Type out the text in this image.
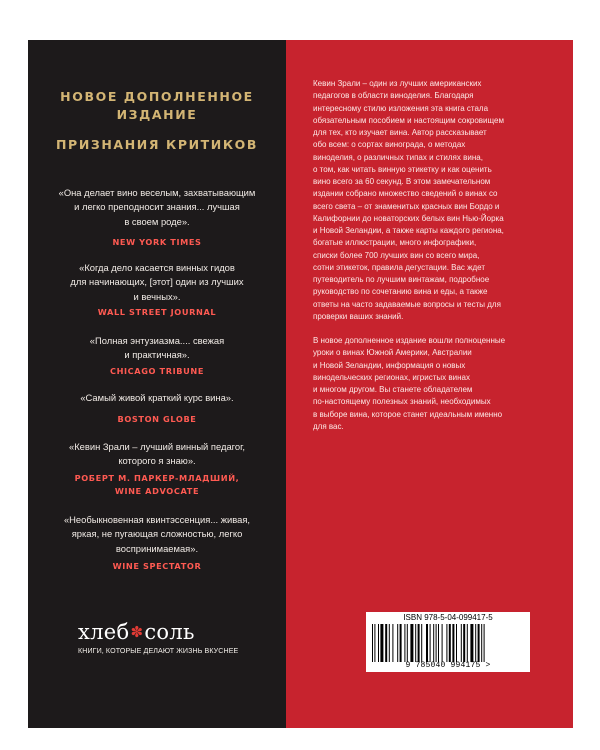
НОВОЕ ДОПОЛНЕННОЕ
ИЗДАНИЕ
ПРИЗНАНИЯ КРИТИКОВ
«Она делает вино веселым, захватывающим
и легко преподносит знания... лучшая
в своем роде».
NEW YORK TIMES
«Когда дело касается винных гидов
для начинающих, [этот] один из лучших
и вечных».
WALL STREET JOURNAL
«Полная энтузиазма.... свежая
и практичная».
CHICAGO TRIBUNE
«Самый живой краткий курс вина».
BOSTON GLOBE
«Кевин Зрали – лучший винный педагог,
которого я знаю».
РОБЕРТ М. ПАРКЕР-МЛАДШИЙ,
WINE ADVOCATE
«Необыкновенная квинтэссенция... живая,
яркая, не пугающая сложностью, легко
воспринимаемая».
WINE SPECTATOR
хлеб ✽ соль
КНИГИ, КОТОРЫЕ ДЕЛАЮТ ЖИЗНЬ ВКУСНЕЕ

Кевин Зрали – один из лучших американских
педагогов в области виноделия. Благодаря
интересному стилю изложения эта книга стала
обязательным пособием и настоящим сокровищем
для тех, кто изучает вина. Автор рассказывает
обо всем: о сортах винограда, о методах
виноделия, о различных типах и стилях вина,
о том, как читать винную этикетку и как оценить
вино всего за 60 секунд. В этом замечательном
издании собрано множество сведений о винах со
всего света – от знаменитых красных вин Бордо и
Калифорнии до новаторских белых вин Нью-Йорка
и Новой Зеландии, а также карты каждого региона,
богатые иллюстрации, много инфографики,
списки более 700 лучших вин со всего мира,
сотни этикеток, правила дегустации. Вас ждет
путеводитель по лучшим винтажам, подробное
руководство по сочетанию вина и еды, а также
ответы на часто задаваемые вопросы и тесты для
проверки ваших знаний.

В новое дополненное издание вошли полноценные
уроки о винах Южной Америки, Австралии
и Новой Зеландии, информация о новых
винодельческих регионах, игристых винах
и многом другом. Вы станете обладателем
по-настоящему полезных знаний, необходимых
в выборе вина, которое станет идеальным именно
для вас.

ISBN 978-5-04-099417-5
9 785040 994175 >
